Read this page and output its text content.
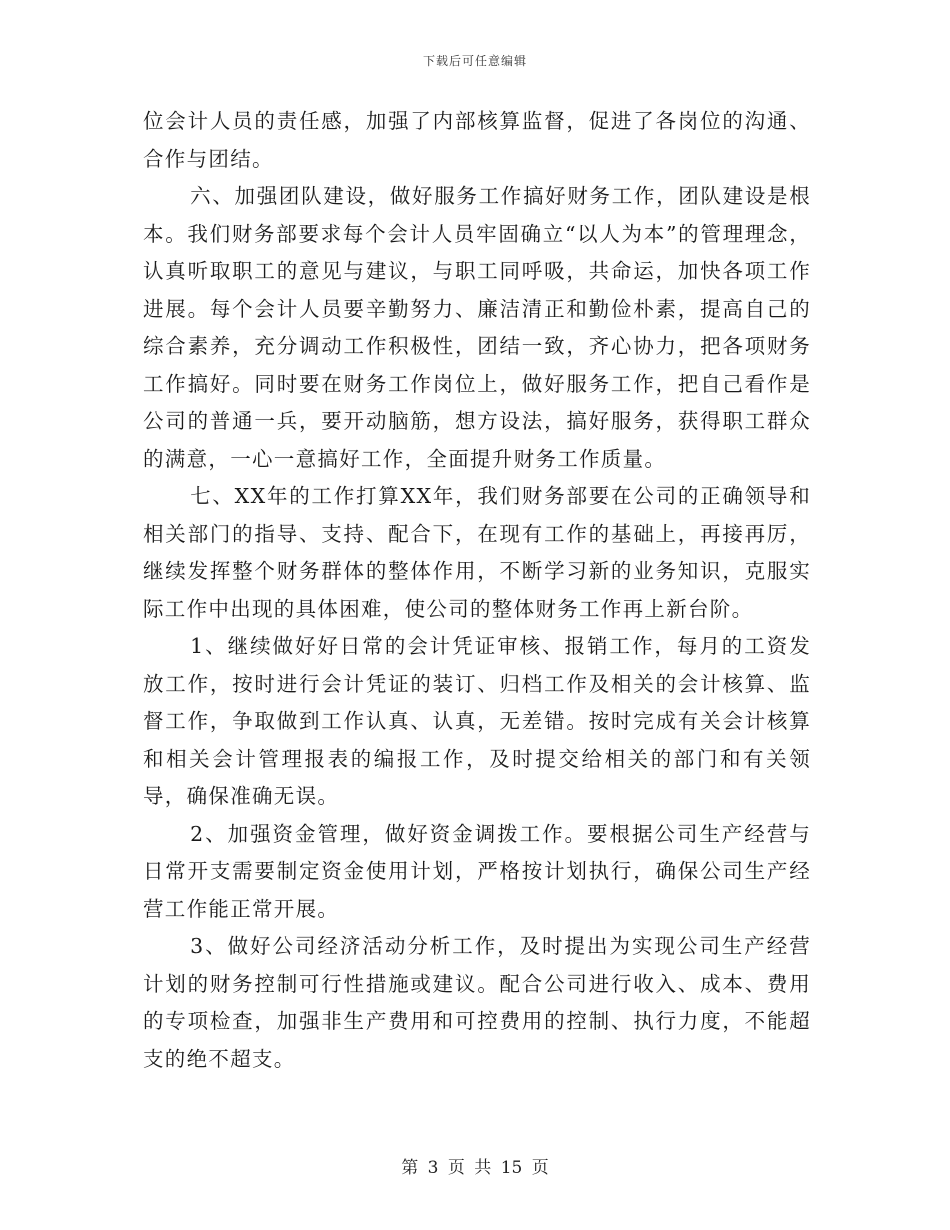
下载后可任意编辑

位会计人员的责任感，加强了内部核算监督，促进了各岗位的沟通、合作与团结。

六、加强团队建设，做好服务工作搞好财务工作，团队建设是根本。我们财务部要求每个会计人员牢固确立“以人为本”的管理理念，认真听取职工的意见与建议，与职工同呼吸，共命运，加快各项工作进展。每个会计人员要辛勤努力、廉洁清正和勤俭朴素，提高自己的综合素养，充分调动工作积极性，团结一致，齐心协力，把各项财务工作搞好。同时要在财务工作岗位上，做好服务工作，把自己看作是公司的普通一兵，要开动脑筋，想方设法，搞好服务，获得职工群众的满意，一心一意搞好工作，全面提升财务工作质量。

七、XX年的工作打算XX年，我们财务部要在公司的正确领导和相关部门的指导、支持、配合下，在现有工作的基础上，再接再厉，继续发挥整个财务群体的整体作用，不断学习新的业务知识，克服实际工作中出现的具体困难，使公司的整体财务工作再上新台阶。

1、继续做好好日常的会计凭证审核、报销工作，每月的工资发放工作，按时进行会计凭证的装订、归档工作及相关的会计核算、监督工作，争取做到工作认真、认真，无差错。按时完成有关会计核算和相关会计管理报表的编报工作，及时提交给相关的部门和有关领导，确保准确无误。

2、加强资金管理，做好资金调拨工作。要根据公司生产经营与日常开支需要制定资金使用计划，严格按计划执行，确保公司生产经营工作能正常开展。

3、做好公司经济活动分析工作，及时提出为实现公司生产经营计划的财务控制可行性措施或建议。配合公司进行收入、成本、费用的专项检查，加强非生产费用和可控费用的控制、执行力度，不能超支的绝不超支。

第 3 页 共 15 页
